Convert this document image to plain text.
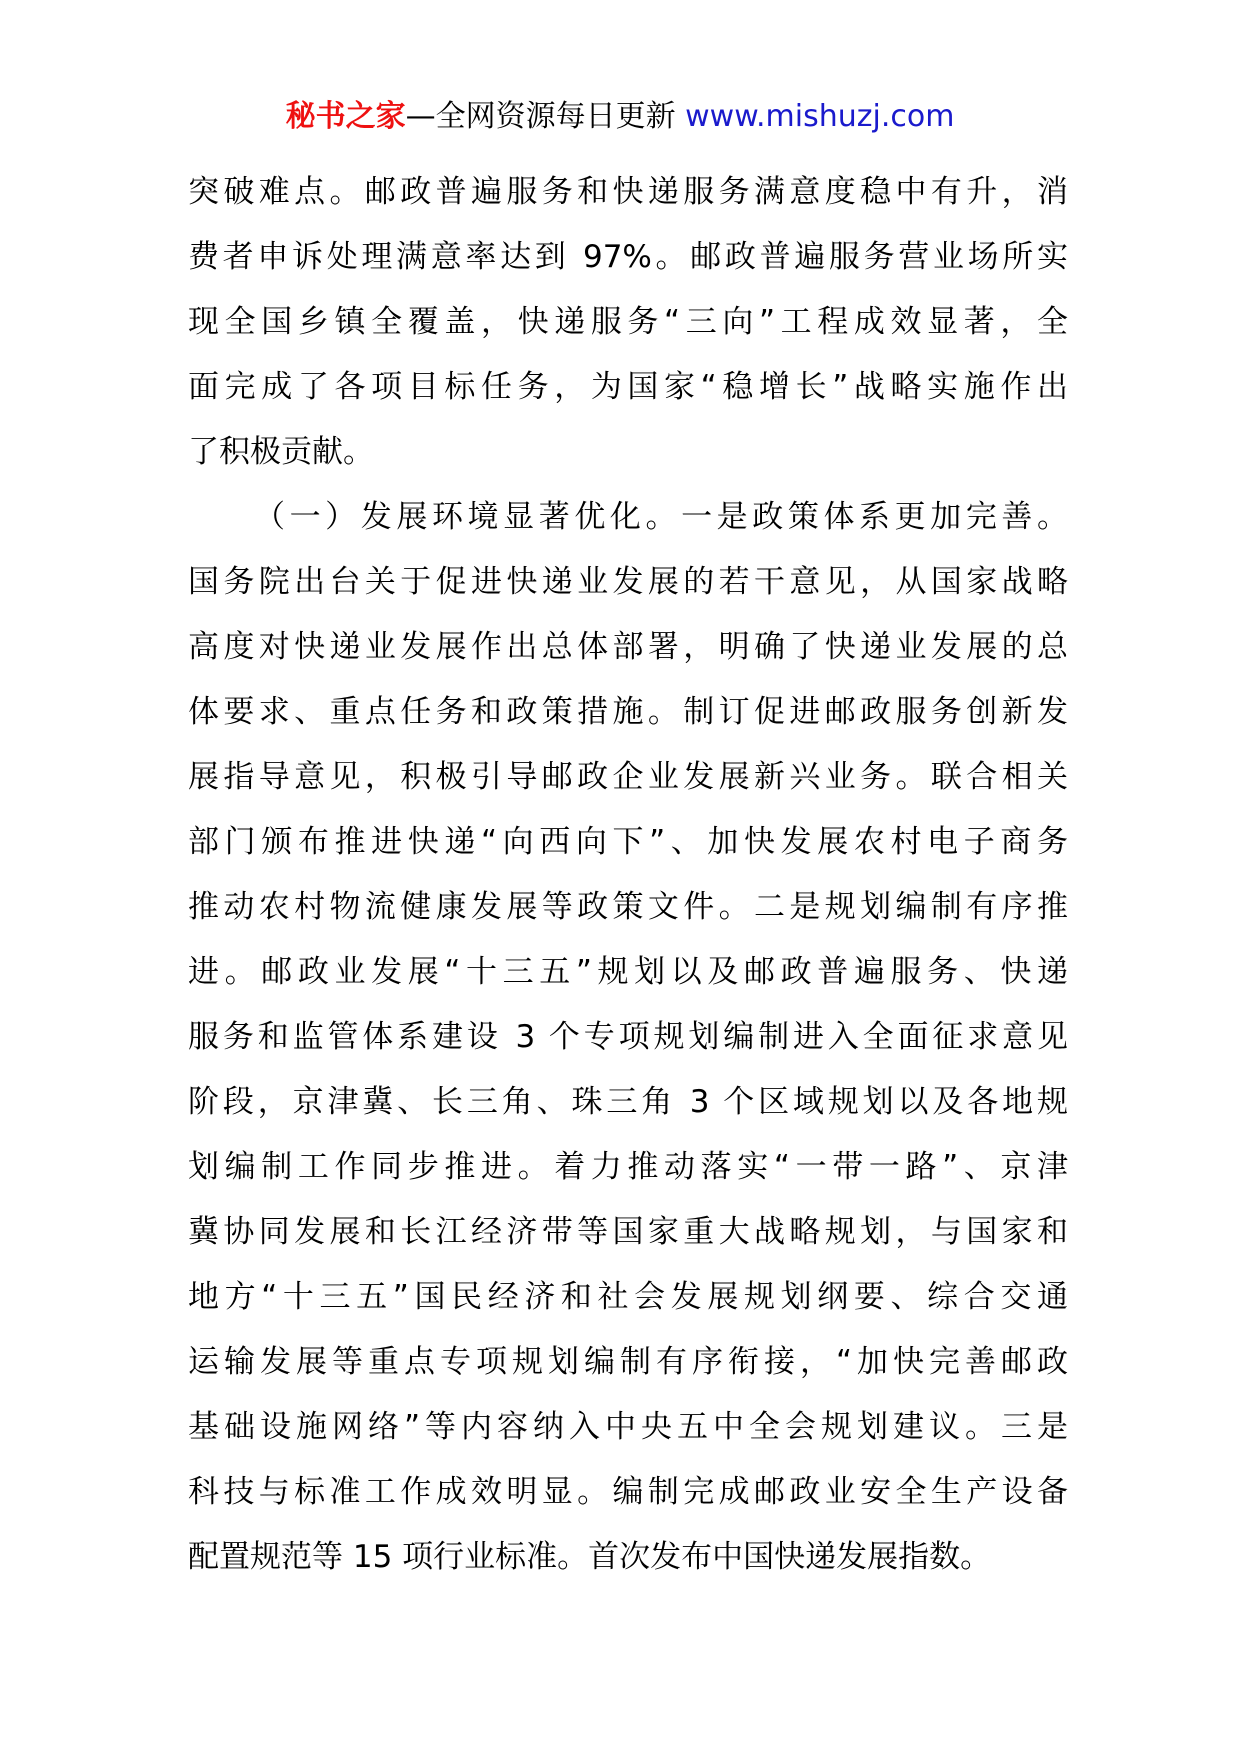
秘书之家—全网资源每日更新 www.mishuzj.com
突破难点。邮政普遍服务和快递服务满意度稳中有升，消
费者申诉处理满意率达到 97%。邮政普遍服务营业场所实
现全国乡镇全覆盖，快递服务“三向”工程成效显著，全
面完成了各项目标任务，为国家“稳增长”战略实施作出
了积极贡献。
（一）发展环境显著优化。一是政策体系更加完善。
国务院出台关于促进快递业发展的若干意见，从国家战略
高度对快递业发展作出总体部署，明确了快递业发展的总
体要求、重点任务和政策措施。制订促进邮政服务创新发
展指导意见，积极引导邮政企业发展新兴业务。联合相关
部门颁布推进快递“向西向下”、加快发展农村电子商务
推动农村物流健康发展等政策文件。二是规划编制有序推
进。邮政业发展“十三五”规划以及邮政普遍服务、快递
服务和监管体系建设 3 个专项规划编制进入全面征求意见
阶段，京津冀、长三角、珠三角 3 个区域规划以及各地规
划编制工作同步推进。着力推动落实“一带一路”、京津
冀协同发展和长江经济带等国家重大战略规划，与国家和
地方“十三五”国民经济和社会发展规划纲要、综合交通
运输发展等重点专项规划编制有序衔接，“加快完善邮政
基础设施网络”等内容纳入中央五中全会规划建议。三是
科技与标准工作成效明显。编制完成邮政业安全生产设备
配置规范等 15 项行业标准。首次发布中国快递发展指数。
